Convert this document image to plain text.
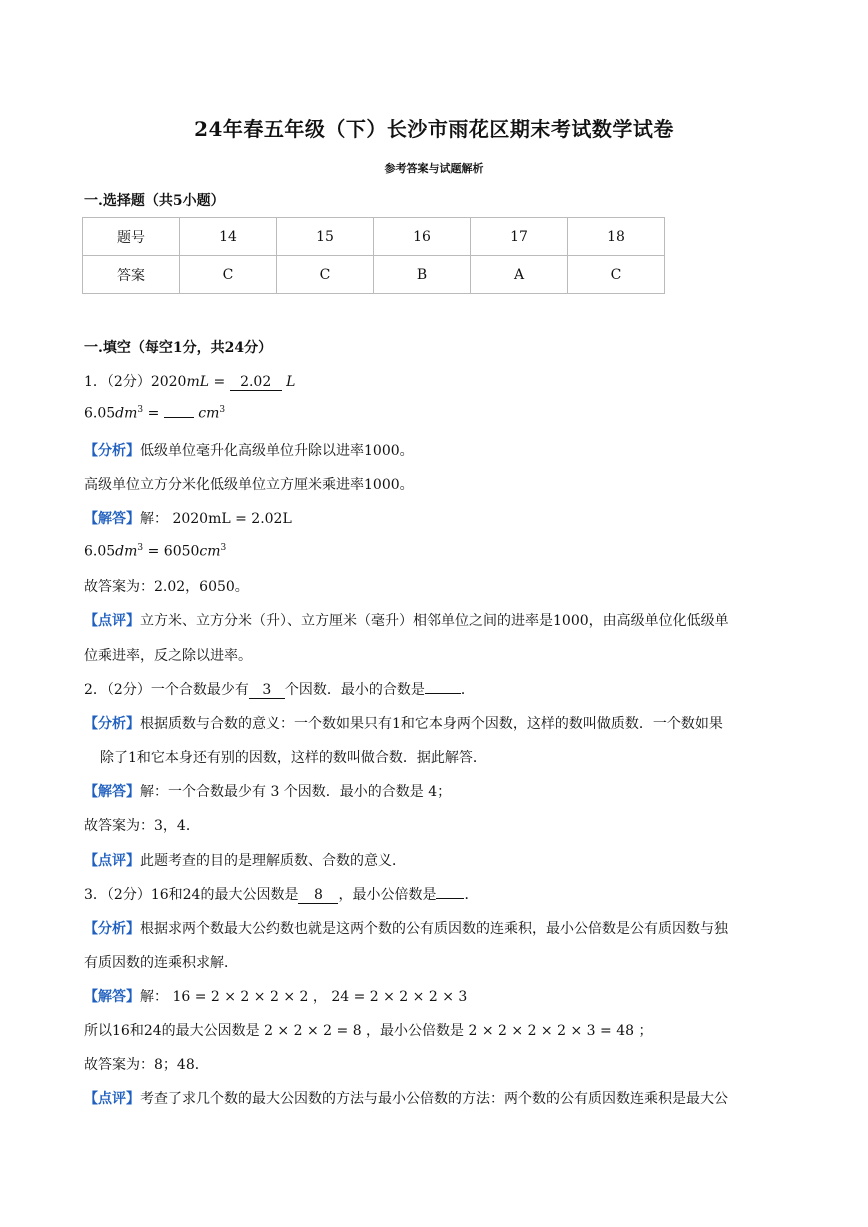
24年春五年级（下）长沙市雨花区期末考试数学试卷
参考答案与试题解析
一.选择题（共5小题）
题号	14	15	16	17	18
答案	C	C	B	A	C
一.填空（每空1分，共24分）
1．（2分）2020mL = 2.02 L
$6.05dm^3$ =	$cm^3$
【分析】低级单位毫升化高级单位升除以进率1000。
高级单位立方分米化低级单位立方厘米乘进率1000。
【解答】解： 2020mL = 2.02L
$6.05dm^3 = 6050cm^3$
故答案为：2.02，6050。
【点评】立方米、立方分米（升）、立方厘米（毫升）相邻单位之间的进率是1000，由高级单位化低级单
位乘进率，反之除以进率。
2．（2分）一个合数最少有 3 个因数．最小的合数是	．
【分析】根据质数与合数的意义：一个数如果只有1和它本身两个因数，这样的数叫做质数．一个数如果
除了1和它本身还有别的因数，这样的数叫做合数．据此解答．
【解答】解：一个合数最少有 3 个因数．最小的合数是 4；
故答案为：3，4．
【点评】此题考查的目的是理解质数、合数的意义．
3．（2分）16和24的最大公因数是 8 ，最小公倍数是 ．
【分析】根据求两个数最大公约数也就是这两个数的公有质因数的连乘积，最小公倍数是公有质因数与独
有质因数的连乘积求解．
【解答】解： 16 = 2 × 2 × 2 × 2 ， 24 = 2 × 2 × 2 × 3
所以16和24的最大公因数是 2 × 2 × 2 = 8 ，最小公倍数是 2 × 2 × 2 × 2 × 3 = 48 ；
故答案为：8；48．
【点评】考查了求几个数的最大公因数的方法与最小公倍数的方法：两个数的公有质因数连乘积是最大公
